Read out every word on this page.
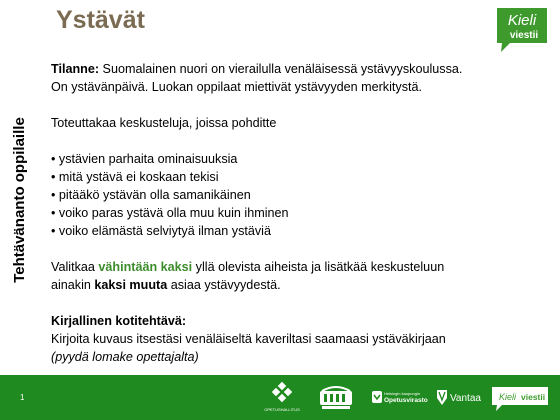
Ystävät	Kieli
viestii
Tehtävänanto oppilaille

Tilanne: Suomalainen nuori on vierailulla venäläisessä ystävyyskoulussa.

On ystävänpäivä. Luokan oppilaat miettivät ystävyyden merkitystä.

Toteuttakaa keskusteluja, joissa pohditte

• ystävien parhaita ominaisuuksia
• mitä ystävä ei koskaan tekisi
• pitääkö ystävän olla samanikäinen
• voiko paras ystävä olla muu kuin ihminen
• voiko elämästä selviytyä ilman ystäviä

Valitkaa vähintään kaksi yllä olevista aiheista ja lisätkää keskusteluun

ainakin kaksi muuta asiaa ystävyydestä.

Kirjallinen kotitehtävä:

Kirjoita kuvaus itsestäsi venäläiseltä kaveriltasi saamaasi ystäväkirjaan

(pyydä lomake opettajalta)

1
OPETUSHALLITUS
Helsingin kaupungin
Opetusvirasto Vantaa Kieli viestii
